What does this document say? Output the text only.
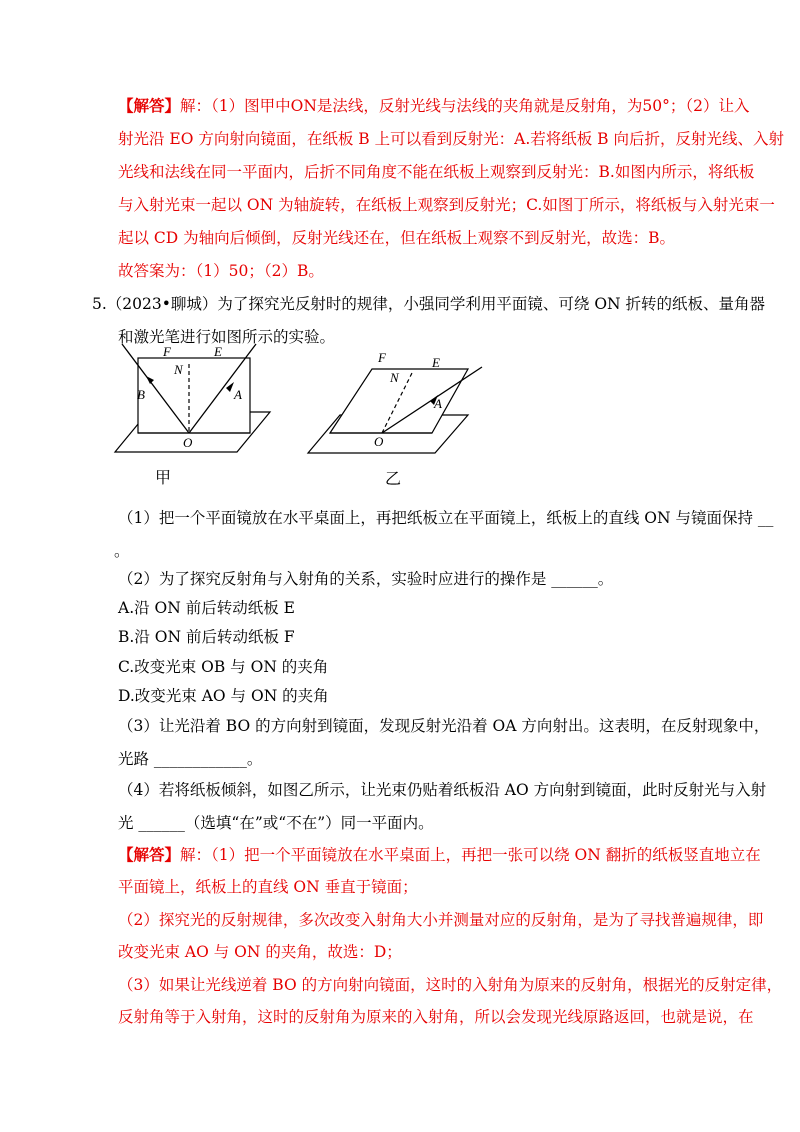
【解答】解：（1）图甲中ON是法线，反射光线与法线的夹角就是反射角，为50°；（2）让入
射光沿 EO 方向射向镜面，在纸板 B 上可以看到反射光：A.若将纸板 B 向后折，反射光线、入射
光线和法线在同一平面内，后折不同角度不能在纸板上观察到反射光：B.如图内所示，将纸板
与入射光束一起以 ON 为轴旋转，在纸板上观察到反射光；C.如图丁所示，将纸板与入射光束一
起以 CD 为轴向后倾倒，反射光线还在，但在纸板上观察不到反射光，故选：B。
故答案为：（1）50；（2）B。
5.（2023•聊城）为了探究光反射时的规律，小强同学利用平面镜、可绕 ON 折转的纸板、量角器
和激光笔进行如图所示的实验。
F	E
N
B	A
O
甲
F	E
N
A
O
乙
（1）把一个平面镜放在水平桌面上，再把纸板立在平面镜上，纸板上的直线 ON 与镜面保持 __
。
（2）为了探究反射角与入射角的关系，实验时应进行的操作是 ______。
A.沿 ON 前后转动纸板 E
B.沿 ON 前后转动纸板 F
C.改变光束 OB 与 ON 的夹角
D.改变光束 AO 与 ON 的夹角
（3）让光沿着 BO 的方向射到镜面，发现反射光沿着 OA 方向射出。这表明，在反射现象中，
光路 ____________。
（4）若将纸板倾斜，如图乙所示，让光束仍贴着纸板沿 AO 方向射到镜面，此时反射光与入射
光 ______（选填“在”或“不在”）同一平面内。
【解答】解：（1）把一个平面镜放在水平桌面上，再把一张可以绕 ON 翻折的纸板竖直地立在
平面镜上，纸板上的直线 ON 垂直于镜面；
（2）探究光的反射规律，多次改变入射角大小并测量对应的反射角，是为了寻找普遍规律，即
改变光束 AO 与 ON 的夹角，故选：D；
（3）如果让光线逆着 BO 的方向射向镜面，这时的入射角为原来的反射角，根据光的反射定律，
反射角等于入射角，这时的反射角为原来的入射角，所以会发现光线原路返回，也就是说，在
